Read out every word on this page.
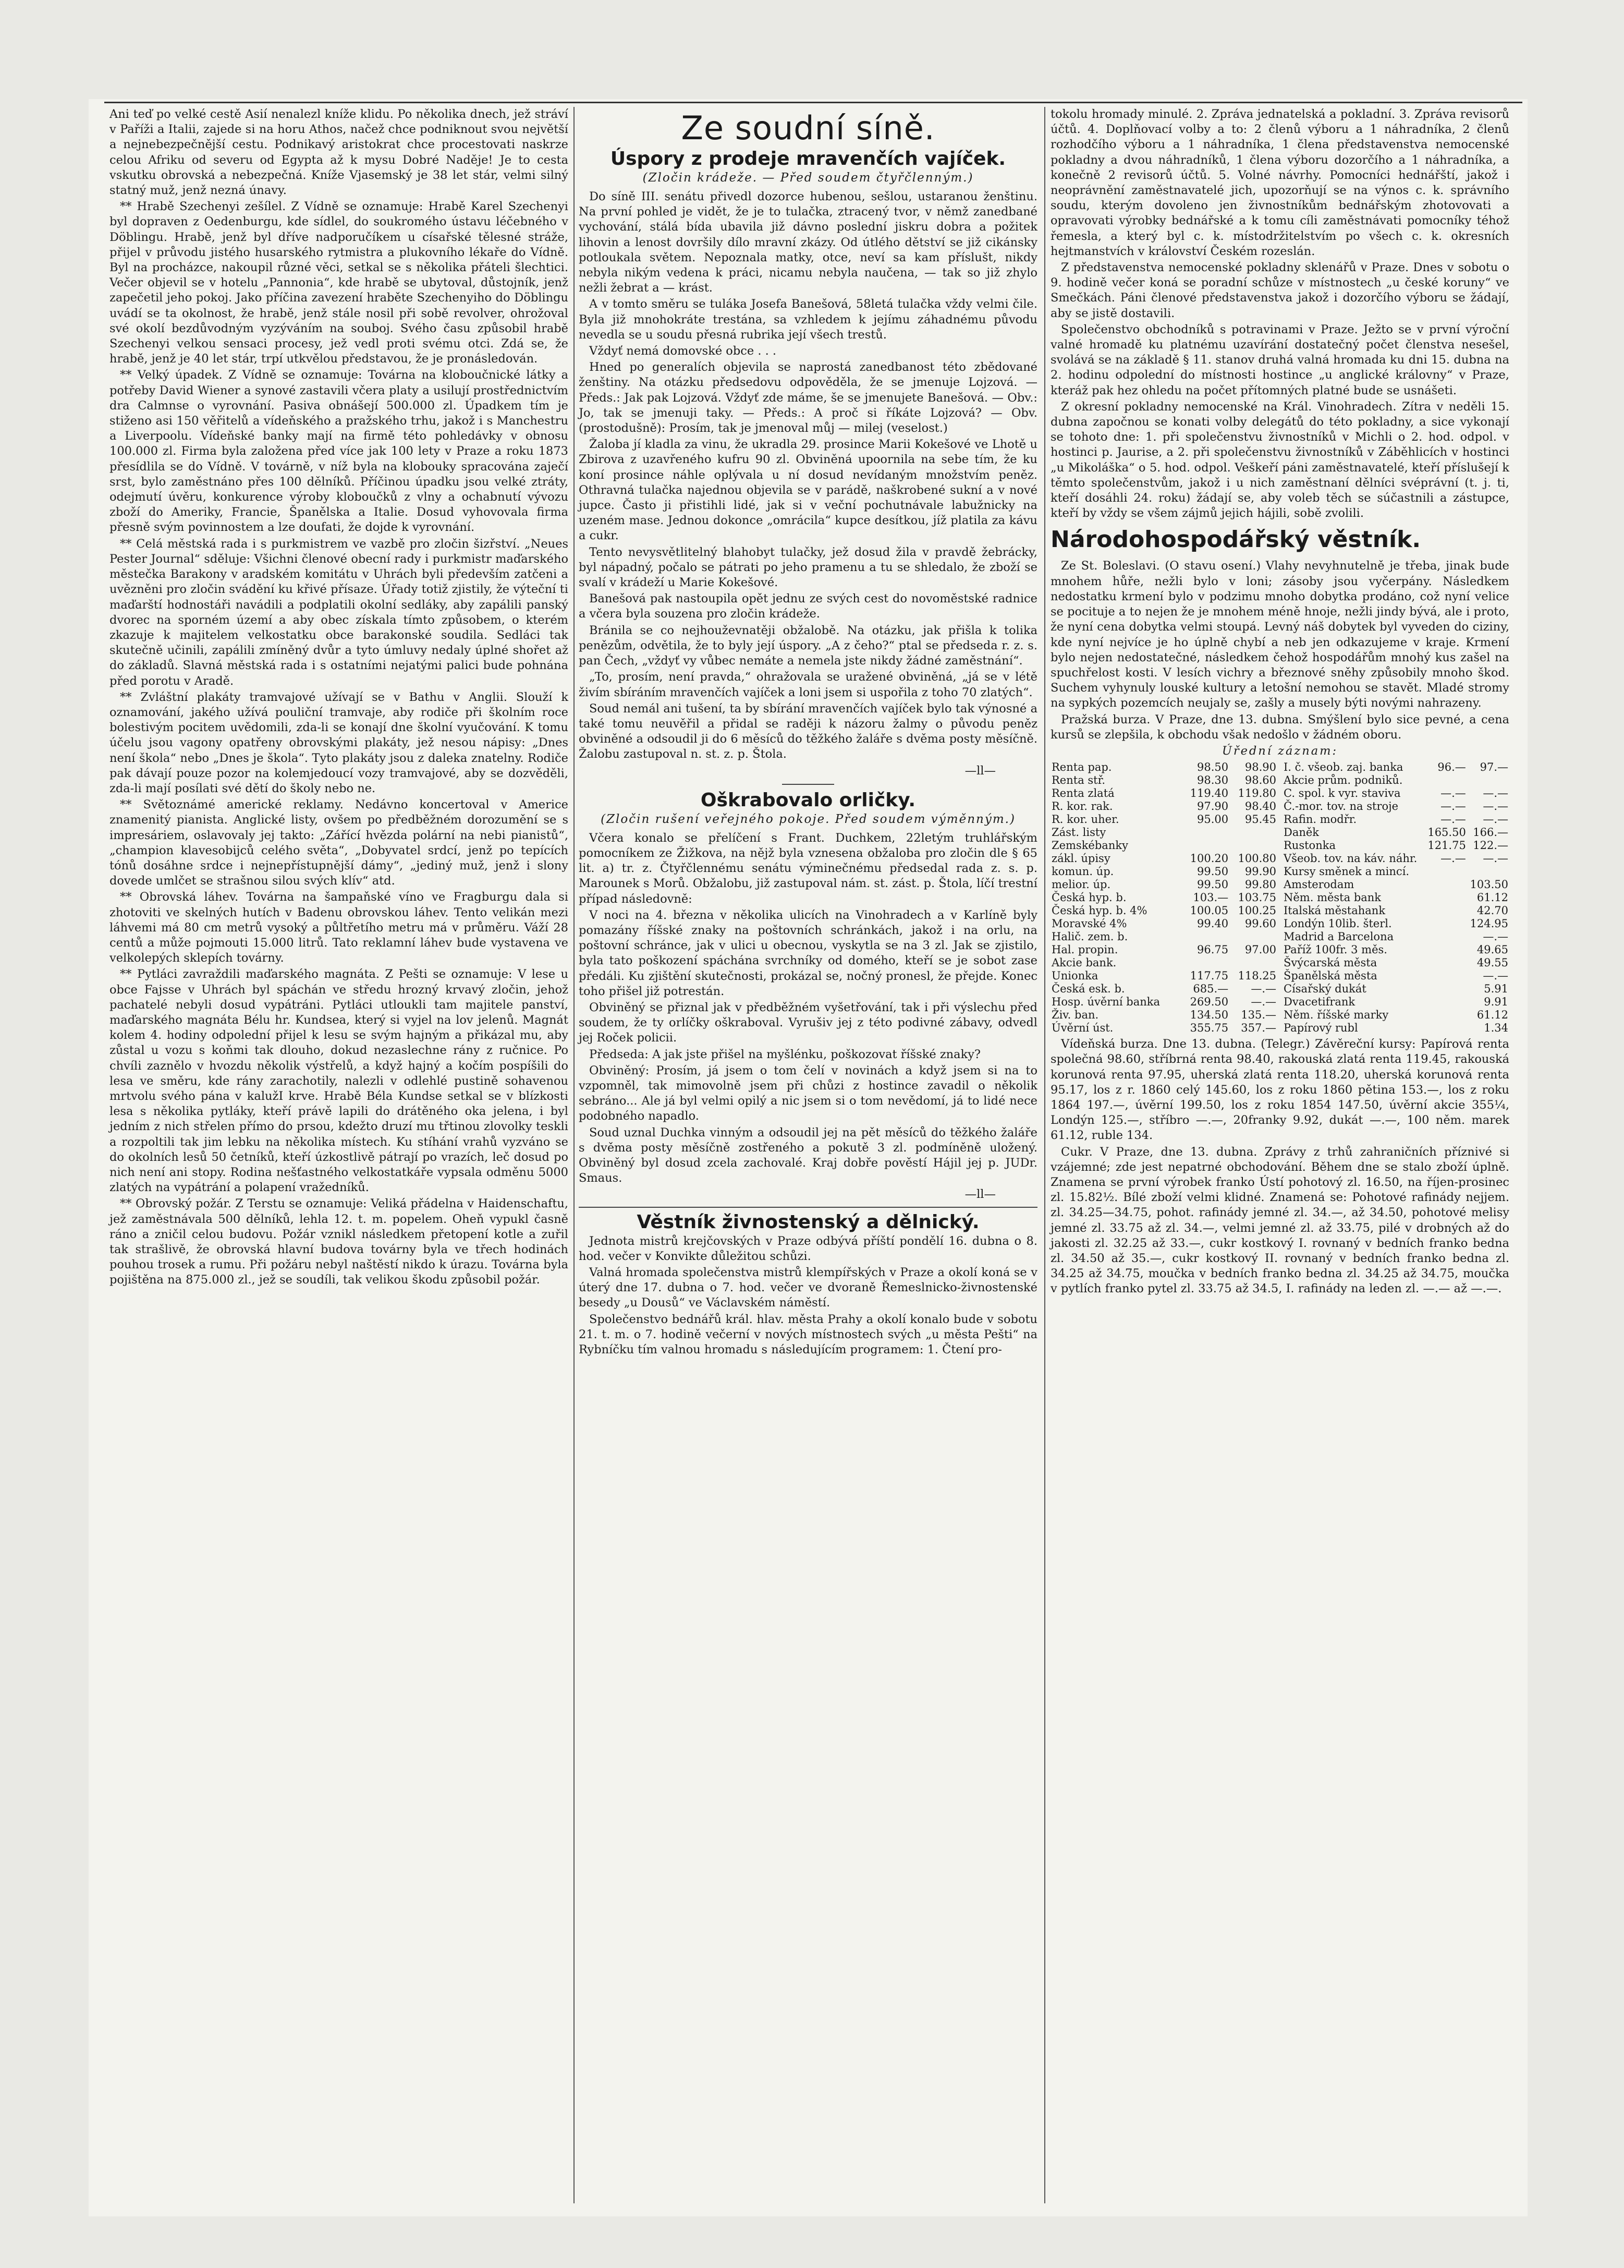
Ani teď po velké cestě Asií nenalezl kníže klidu. Po několika dnech, jež stráví v Paříži a Italii, zajede si na horu Athos, načež chce podniknout svou největší a nejnebezpečnější cestu. Podnikavý aristokrat chce procestovati naskrze celou Afriku od severu od Egypta až k mysu Dobré Naděje! Je to cesta vskutku obrovská a nebezpečná. Kníže Vjasemský je 38 let stár, velmi silný statný muž, jenž nezná únavy.

** Hrabě Szechenyi zešílel. Z Vídně se oznamuje: Hrabě Karel Szechenyi byl dopraven z Oedenburgu, kde sídlel, do soukromého ústavu léčebného v Döblingu. Hrabě, jenž byl dříve nadporučíkem u císařské tělesné stráže, přijel v průvodu jistého husarského rytmistra a plukovního lékaře do Vídně. Byl na procházce, nakoupil různé věci, setkal se s několika přáteli šlechtici. Večer objevil se v hotelu „Pannonia“, kde hrabě se ubytoval, důstojník, jenž zapečetil jeho pokoj. Jako příčina zavezení hraběte Szechenyiho do Döblingu uvádí se ta okolnost, že hrabě, jenž stále nosil při sobě revolver, ohrožoval své okolí bezdůvodným vyzýváním na souboj. Svého času způsobil hrabě Szechenyi velkou sensaci procesy, jež vedl proti svému otci. Zdá se, že hrabě, jenž je 40 let stár, trpí utkvělou představou, že je pronásledován.

** Velký úpadek. Z Vídně se oznamuje: Továrna na kloboučnické látky a potřeby David Wiener a synové zastavili včera platy a usilují prostřednictvím dra Calmnse o vyrovnání. Pasiva obnášejí 500.000 zl. Úpadkem tím je stiženo asi 150 věřitelů a vídeňského a pražského trhu, jakož i s Manchestru a Liverpoolu. Vídeňské banky mají na firmě této pohledávky v obnosu 100.000 zl. Firma byla založena před více jak 100 lety v Praze a roku 1873 přesídlila se do Vídně. V továrně, v níž byla na klobouky spracována zaječí srst, bylo zaměstnáno přes 100 dělníků. Příčinou úpadku jsou velké ztráty, odejmutí úvěru, konkurence výroby kloboučků z vlny a ochabnutí vývozu zboží do Ameriky, Francie, Španělska a Italie. Dosud vyhovovala firma přesně svým povinnostem a lze doufati, že dojde k vyrovnání.

** Celá městská rada i s purkmistrem ve vazbě pro zločin šizřství. „Neues Pester Journal“ sděluje: Všichni členové obecní rady i purkmistr maďarského městečka Barakony v aradském komitátu v Uhrách byli především zatčeni a uvězněni pro zločin svádění ku křivé přísaze. Úřady totiž zjistily, že výteční ti maďarští hodnostáři navádili a podplatili okolní sedláky, aby zapálili panský dvorec na sporném území a aby obec získala tímto způsobem, o kterém zkazuje k majitelem velkostatku obce barakonské soudila. Sedláci tak skutečně učinili, zapálili zmíněný dvůr a tyto úmluvy nedaly úplné shořet až do základů. Slavná městská rada i s ostatními nejatými palici bude pohnána před porotu v Aradě.

** Zvláštní plakáty tramvajové užívají se v Bathu v Anglii. Slouží k oznamování, jakého užívá pouliční tramvaje, aby rodiče při školním roce bolestivým pocitem uvědomili, zda-li se konají dne školní vyučování. K tomu účelu jsou vagony opatřeny obrovskými plakáty, jež nesou nápisy: „Dnes není škola“ nebo „Dnes je škola“. Tyto plakáty jsou z daleka znatelny. Rodiče pak dávají pouze pozor na kolemjedoucí vozy tramvajové, aby se dozvěděli, zda-li mají posílati své dětí do školy nebo ne.

** Světoznámé americké reklamy. Nedávno koncertoval v Americe znamenitý pianista. Anglické listy, ovšem po předběžném dorozumění se s impresáriem, oslavovaly jej takto: „Zářící hvězda polární na nebi pianistů“, „champion klavesobijců celého světa“, „Dobyvatel srdcí, jenž po tepících tónů dosáhne srdce i nejnepřístupnější dámy“, „jediný muž, jenž i slony dovede umlčet se strašnou silou svých klív“ atd.

** Obrovská láhev. Továrna na šampaňské víno ve Fragburgu dala si zhotoviti ve skelných hutích v Badenu obrovskou láhev. Tento velikán mezi láhvemi má 80 cm metrů vysoký a půltřetího metru má v průměru. Váží 28 centů a může pojmouti 15.000 litrů. Tato reklamní láhev bude vystavena ve velkolepých sklepích továrny.

** Pytláci zavraždili maďarského magnáta. Z Pešti se oznamuje: V lese u obce Fajsse v Uhrách byl spáchán ve středu hrozný krvavý zločin, jehož pachatelé nebyli dosud vypátráni. Pytláci utloukli tam majitele panství, maďarského magnáta Bélu hr. Kundsea, který si vyjel na lov jelenů. Magnát kolem 4. hodiny odpolední přijel k lesu se svým hajným a přikázal mu, aby zůstal u vozu s koňmi tak dlouho, dokud nezaslechne rány z ručnice. Po chvíli zaznělo v hvozdu několik výstřelů, a když hajný a kočím pospíšili do lesa ve směru, kde rány zarachotily, nalezli v odlehlé pustině sohavenou mrtvolu svého pána v kalužI krve. Hrabě Béla Kundse setkal se v blízkosti lesa s několika pytláky, kteří právě lapili do drátěného oka jelena, i byl jedním z nich střelen přímo do prsou, kdežto druzí mu třtinou zlovolky teskli a rozpoltili tak jim lebku na několika místech. Ku stíhání vrahů vyzváno se do okolních lesů 50 četníků, kteří úzkostlivě pátrají po vrazích, leč dosud po nich není ani stopy. Rodina nešťastného velkostatkáře vypsala odměnu 5000 zlatých na vypátrání a polapení vražedníků.

** Obrovský požár. Z Terstu se oznamuje: Veliká přádelna v Haidenschaftu, jež zaměstnávala 500 dělníků, lehla 12. t. m. popelem. Oheň vypukl časně ráno a zničil celou budovu. Požár vznikl následkem přetopení kotle a zuřil tak strašlivě, že obrovská hlavní budova továrny byla ve třech hodinách pouhou trosek a rumu. Při požáru nebyl naštěstí nikdo k úrazu. Továrna byla pojištěna na 875.000 zl., jež se soudíli, tak velikou škodu způsobil požár.

Ze soudní síně.
Úspory z prodeje mravenčích vajíček.
(Zločin krádeže. — Před soudem čtyřčlenným.)

Do síně III. senátu přivedl dozorce hubenou, sešlou, ustaranou ženštinu. Na první pohled je vidět, že je to tulačka, ztracený tvor, v němž zanedbané vychování, stálá bída ubavila již dávno poslední jiskru dobra a požitek lihovin a lenost dovršily dílo mravní zkázy. Od útlého dětství se již cikánsky potloukala světem. Nepoznala matky, otce, neví sa kam příslušt, nikdy nebyla nikým vedena k práci, nicamu nebyla naučena, — tak so již zhylo nežli žebrat a — krást.

A v tomto směru se tuláka Josefa Banešová, 58letá tulačka vždy velmi čile. Byla již mnohokráte trestána, sa vzhledem k jejímu záhadnému původu nevedla se u soudu přesná rubrika její všech trestů.

Vždyť nemá domovské obce . . .

Hned po generalích objevila se naprostá zanedbanost této zbědované ženštiny. Na otázku předsedovu odpověděla, že se jmenuje Lojzová. — Předs.: Jak pak Lojzová. Vždyť zde máme, še se jmenujete Banešová. — Obv.: Jo, tak se jmenuji taky. — Předs.: A proč si říkáte Lojzová? — Obv. (prostodušně): Prosím, tak je jmenoval můj — milej (veselost.)

Žaloba jí kladla za vinu, že ukradla 29. prosince Marii Kokešové ve Lhotě u Zbirova z uzavřeného kufru 90 zl. Obviněná upoornila na sebe tím, že ku koní prosince náhle oplývala u ní dosud nevídaným množstvím peněz. Othravná tulačka najednou objevila se v parádě, naškrobené sukní a v nové jupce. Často ji přistihli lidé, jak si v veční pochutnávale labužnicky na uzeném mase. Jednou dokonce „omrácila“ kupce desítkou, jíž platila za kávu a cukr.

Tento nevysvětlitelný blahobyt tulačky, jež dosud žila v pravdě žebrácky, byl nápadný, počalo se pátrati po jeho pramenu a tu se shledalo, že zboží se svalí v krádeží u Marie Kokešové.

Banešová pak nastoupila opět jednu ze svých cest do novoměstské radnice a včera byla souzena pro zločin krádeže.

Bránila se co nejhouževnatěji obžalobě. Na otázku, jak přišla k tolika penězům, odvětila, že to byly její úspory. „A z čeho?“ ptal se předseda r. z. s. pan Čech, „vždyť vy vůbec nemáte a nemela jste nikdy žádné zaměstnání“.

„To, prosím, není pravda,“ ohražovala se uražené obviněná, „já se v létě živím sbíráním mravenčích vajíček a loni jsem si uspořila z toho 70 zlatých“.

Soud nemál ani tušení, ta by sbírání mravenčích vajíček bylo tak výnosné a také tomu neuvěřil a přidal se raději k názoru žalmy o původu peněz obviněné a odsoudil ji do 6 měsíců do těžkého žaláře s dvěma posty měsíčně. Žalobu zastupoval n. st. z. p. Štola.

—ll—
Oškrabovalo orličky.
(Zločin rušení veřejného pokoje. Před soudem výměnným.)

Včera konalo se přelíčení s Frant. Duchkem, 22letým truhlářským pomocníkem ze Žižkova, na nějž byla vznesena obžaloba pro zločin dle § 65 lit. a) tr. z. Čtyřčlennému senátu výminečnému předsedal rada z. s. p. Marounek s Morů. Obžalobu, již zastupoval nám. st. zást. p. Štola, líčí trestní případ následovně:

V noci na 4. března v několika ulicích na Vinohradech a v Karlíně byly pomazány říšské znaky na poštovních schránkách, jakož i na orlu, na poštovní schránce, jak v ulici u obecnou, vyskytla se na 3 zl. Jak se zjistilo, byla tato poškození spáchána svrchníky od domého, kteří se je sobot zase předáli. Ku zjištění skutečnosti, prokázal se, nočný pronesl, že přejde. Konec toho přišel již potrestán.

Obviněný se přiznal jak v předběžném vyšetřování, tak i při výslechu před soudem, že ty orlíčky oškraboval. Vyrušiv jej z této podivné zábavy, odvedl jej Roček policii.

Předseda: A jak jste přišel na myšlénku, poškozovat říšské znaky?

Obviněný: Prosím, já jsem o tom čelí v novinách a když jsem si na to vzpomněl, tak mimovolně jsem při chůzi z hostince zavadil o několik sebráno... Ale já byl velmi opilý a nic jsem si o tom nevědomí, já to lidé nece podobného napadlo.

Soud uznal Duchka vinným a odsoudil jej na pět měsíců do těžkého žaláře s dvěma posty měsíčně zostřeného a pokutě 3 zl. podmíněně uložený. Obviněný byl dosud zcela zachovalé. Kraj dobře pověstí Hájil jej p. JUDr. Smaus.

—ll—
Věstník živnostenský a dělnický.

Jednota mistrů krejčovských v Praze odbývá příští pondělí 16. dubna o 8. hod. večer v Konvikte důležitou schůzi.

Valná hromada společenstva mistrů klempířských v Praze a okolí koná se v úterý dne 17. dubna o 7. hod. večer ve dvoraně Řemeslnicko-živnostenské besedy „u Dousů“ ve Václavském náměstí.

Společenstvo bednářů král. hlav. města Prahy a okolí konalo bude v sobotu 21. t. m. o 7. hodině večerní v nových místnostech svých „u města Pešti“ na Rybníčku tím valnou hromadu s následujícím programem: 1. Čtení pro-

tokolu hromady minulé. 2. Zpráva jednatelská a pokladní. 3. Zpráva revisorů účtů. 4. Doplňovací volby a to: 2 členů výboru a 1 náhradníka, 2 členů rozhodčího výboru a 1 náhradníka, 1 člena představenstva nemocenské pokladny a dvou náhradníků, 1 člena výboru dozorčího a 1 náhradníka, a konečně 2 revisorů účtů. 5. Volné návrhy. Pomocníci hednářští, jakož i neoprávnění zaměstnavatelé jich, upozorňují se na výnos c. k. správního soudu, kterým dovoleno jen živnostníkům bednářským zhotovovati a opravovati výrobky bednářské a k tomu cíli zaměstnávati pomocníky téhož řemesla, a který byl c. k. místodržitelstvím po všech c. k. okresních hejtmanstvích v království Českém rozeslán.

Z představenstva nemocenské pokladny sklenářů v Praze. Dnes v sobotu o 9. hodině večer koná se poradní schůze v místnostech „u české koruny“ ve Smečkách. Páni členové představenstva jakož i dozorčího výboru se žádají, aby se jistě dostavili.

Společenstvo obchodníků s potravinami v Praze. Ježto se v první výroční valné hromadě ku platnému uzavírání dostatečný počet členstva nesešel, svolává se na základě § 11. stanov druhá valná hromada ku dni 15. dubna na 2. hodinu odpolední do místnosti hostince „u anglické královny“ v Praze, kteráž pak hez ohledu na počet přítomných platné bude se usnášeti.

Z okresní pokladny nemocenské na Král. Vinohradech. Zítra v neděli 15. dubna započnou se konati volby delegátů do této pokladny, a sice vykonají se tohoto dne: 1. při společenstvu živnostníků v Michli o 2. hod. odpol. v hostinci p. Jaurise, a 2. při společenstvu živnostníků v Záběhlicích v hostinci „u Mikoláška“ o 5. hod. odpol. Veškeří páni zaměstnavatelé, kteří příslušejí k těmto společenstvům, jakož i u nich zaměstnaní dělníci svéprávní (t. j. ti, kteří dosáhli 24. roku) žádají se, aby voleb těch se súčastnili a zástupce, kteří by vždy se všem zájmů jejich hájili, sobě zvolili.

Národohospodářský věstník.

Ze St. Boleslavi. (O stavu osení.) Vlahy nevyhnutelně je třeba, jinak bude mnohem hůře, nežli bylo v loni; zásoby jsou vyčerpány. Následkem nedostatku krmení bylo v podzimu mnoho dobytka prodáno, což nyní velice se pocituje a to nejen že je mnohem méně hnoje, nežli jindy bývá, ale i proto, že nyní cena dobytka velmi stoupá. Levný náš dobytek byl vyveden do ciziny, kde nyní nejvíce je ho úplně chybí a neb jen odkazujeme v kraje. Krmení bylo nejen nedostatečné, následkem čehož hospodářům mnohý kus zašel na spuchřelost kosti. V lesích vichry a březnové sněhy způsobily mnoho škod. Suchem vyhynuly louské kultury a letošní nemohou se stavět. Mladé stromy na sypkých pozemcích neujaly se, zašly a musely býti novými nahrazeny.

Pražská burza. V Praze, dne 13. dubna. Smýšlení bylo sice pevné, a cena kursů se zlepšila, k obchodu však nedošlo v žádném oboru.

Úřední záznam:
Renta pap.	98.50	98.90
Renta stř.	98.30	98.60
Renta zlatá	119.40	119.80
R. kor. rak.	97.90	98.40
R. kor. uher.	95.00	95.45
Zást. listy		
Zemskébanky		
zákl. úpisy	100.20	100.80
komun. úp.	99.50	99.90
melior. úp.	99.50	99.80
Česká hyp. b.	103.—	103.75
Česká hyp. b. 4%	100.05	100.25
Moravské 4%	99.40	99.60
Halič. zem. b.		
Hal. propin.	96.75	97.00
Akcie bank.		
Unionka	117.75	118.25
Česká esk. b.	685.—	—.—
Hosp. úvěrní banka	269.50	—.—
Živ. ban.	134.50	135.—
Úvěrní úst.	355.75	357.—
I. č. všeob. zaj. banka	96.—	97.—
Akcie prům. podniků.		
C. spol. k vyr. staviva	—.—	—.—
Č.-mor. tov. na stroje	—.—	—.—
Rafin. modřr.	—.—	—.—
Daněk	165.50	166.—
Rustonka	121.75	122.—
Všeob. tov. na káv. náhr.	—.—	—.—
Kursy směnek a mincí.		
Amsterodam		103.50
Něm. města bank		61.12
Italská městahank		42.70
Londýn 10lib. šterl.		124.95
Madrid a Barcelona		—.—
Paříž 100fr. 3 měs.		49.65
Švýcarská města		49.55
Španělská města		—.—
Císařský dukát		5.91
Dvacetifrank		9.91
Něm. říšské marky		61.12
Papírový rubl		1.34

Vídeňská burza. Dne 13. dubna. (Telegr.) Závěreční kursy: Papírová renta společná 98.60, stříbrná renta 98.40, rakouská zlatá renta 119.45, rakouská korunová renta 97.95, uherská zlatá renta 118.20, uherská korunová renta 95.17, los z r. 1860 celý 145.60, los z roku 1860 pětina 153.—, los z roku 1864 197.—, úvěrní 199.50, los z roku 1854 147.50, úvěrní akcie 355¼, Londýn 125.—, stříbro —.—, 20franky 9.92, dukát —.—, 100 něm. marek 61.12, ruble 134.

Cukr. V Praze, dne 13. dubna. Zprávy z trhů zahraničních příznivé si vzájemné; zde jest nepatrné obchodování. Během dne se stalo zboží úplně. Znamena se první výrobek franko Ústí pohotový zl. 16.50, na říjen-prosinec zl. 15.82½. Bílé zboží velmi klidné. Znamená se: Pohotové rafinády nejjem. zl. 34.25—34.75, pohot. rafinády jemné zl. 34.—, až 34.50, pohotové melisy jemné zl. 33.75 až zl. 34.—, velmi jemné zl. až 33.75, pilé v drobných až do jakosti zl. 32.25 až 33.—, cukr kostkový I. rovnaný v bedních franko bedna zl. 34.50 až 35.—, cukr kostkový II. rovnaný v bedních franko bedna zl. 34.25 až 34.75, moučka v bedních franko bedna zl. 34.25 až 34.75, moučka v pytlích franko pytel zl. 33.75 až 34.5, I. rafinády na leden zl. —.— až —.—.
